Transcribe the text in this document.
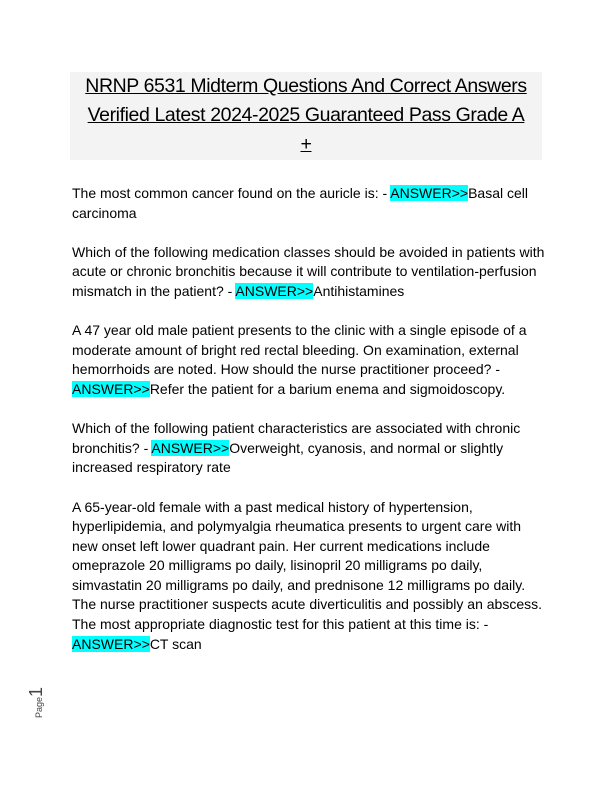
NRNP 6531 Midterm Questions And Correct Answers
Verified Latest 2024-2025 Guaranteed Pass Grade A
+

The most common cancer found on the auricle is: - ANSWER>>Basal cell carcinoma

Which of the following medication classes should be avoided in patients with acute or chronic bronchitis because it will contribute to ventilation-perfusion mismatch in the patient? - ANSWER>>Antihistamines

A 47 year old male patient presents to the clinic with a single episode of a moderate amount of bright red rectal bleeding. On examination, external hemorrhoids are noted. How should the nurse practitioner proceed? - ANSWER>>Refer the patient for a barium enema and sigmoidoscopy.

Which of the following patient characteristics are associated with chronic bronchitis? - ANSWER>>Overweight, cyanosis, and normal or slightly increased respiratory rate

A 65-year-old female with a past medical history of hypertension, hyperlipidemia, and polymyalgia rheumatica presents to urgent care with new onset left lower quadrant pain. Her current medications include omeprazole 20 milligrams po daily, lisinopril 20 milligrams po daily, simvastatin 20 milligrams po daily, and prednisone 12 milligrams po daily. The nurse practitioner suspects acute diverticulitis and possibly an abscess. The most appropriate diagnostic test for this patient at this time is: - ANSWER>>CT scan

Page1
